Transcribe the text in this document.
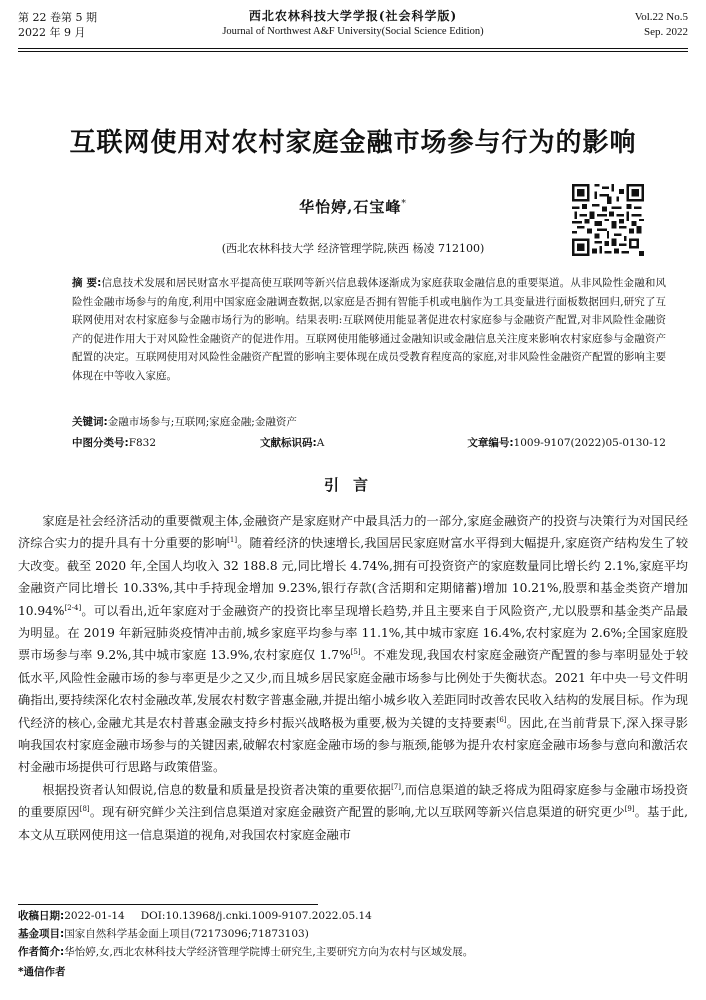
第 22 卷第 5 期
2022 年 9 月
西北农林科技大学学报(社会科学版)
Journal of Northwest A&F University(Social Science Edition)
Vol.22 No.5
Sep. 2022
互联网使用对农村家庭金融市场参与行为的影响
华怡婷,石宝峰*
(西北农林科技大学 经济管理学院,陕西 杨凌 712100)
摘 要:信息技术发展和居民财富水平提高使互联网等新兴信息载体逐渐成为家庭获取金融信息的重要渠道。从非风险性金融和风险性金融市场参与的角度,利用中国家庭金融调查数据,以家庭是否拥有智能手机或电脑作为工具变量进行面板数据回归,研究了互联网使用对农村家庭参与金融市场行为的影响。结果表明:互联网使用能显著促进农村家庭参与金融资产配置,对非风险性金融资产的促进作用大于对风险性金融资产的促进作用。互联网使用能够通过金融知识或金融信息关注度来影响农村家庭参与金融资产配置的决定。互联网使用对风险性金融资产配置的影响主要体现在成员受教育程度高的家庭,对非风险性金融资产配置的影响主要体现在中等收入家庭。
关键词:金融市场参与;互联网;家庭金融;金融资产
中图分类号:F832	文献标识码:A	文章编号:1009-9107(2022)05-0130-12
引言

家庭是社会经济活动的重要微观主体,金融资产是家庭财产中最具活力的一部分,家庭金融资产的投资与决策行为对国民经济综合实力的提升具有十分重要的影响[1]。随着经济的快速增长,我国居民家庭财富水平得到大幅提升,家庭资产结构发生了较大改变。截至 2020 年,全国人均收入 32 188.8 元,同比增长 4.74%,拥有可投资资产的家庭数量同比增长约 2.1%,家庭平均金融资产同比增长 10.33%,其中手持现金增加 9.23%,银行存款(含活期和定期储蓄)增加 10.21%,股票和基金类资产增加 10.94%[2-4]。可以看出,近年家庭对于金融资产的投资比率呈现增长趋势,并且主要来自于风险资产,尤以股票和基金类产品最为明显。在 2019 年新冠肺炎疫情冲击前,城乡家庭平均参与率 11.1%,其中城市家庭 16.4%,农村家庭为 2.6%;全国家庭股票市场参与率 9.2%,其中城市家庭 13.9%,农村家庭仅 1.7%[5]。不难发现,我国农村家庭金融资产配置的参与率明显处于较低水平,风险性金融市场的参与率更是少之又少,而且城乡居民家庭金融市场参与比例处于失衡状态。2021 年中央一号文件明确指出,要持续深化农村金融改革,发展农村数字普惠金融,并提出缩小城乡收入差距同时改善农民收入结构的发展目标。作为现代经济的核心,金融尤其是农村普惠金融支持乡村振兴战略极为重要,极为关键的支持要素[6]。因此,在当前背景下,深入探寻影响我国农村家庭金融市场参与的关键因素,破解农村家庭金融市场的参与瓶颈,能够为提升农村家庭金融市场参与意向和激活农村金融市场提供可行思路与政策借鉴。

根据投资者认知假说,信息的数量和质量是投资者决策的重要依据[7],而信息渠道的缺乏将成为阻碍家庭参与金融市场投资的重要原因[8]。现有研究鲜少关注到信息渠道对家庭金融资产配置的影响,尤以互联网等新兴信息渠道的研究更少[9]。基于此,本文从互联网使用这一信息渠道的视角,对我国农村家庭金融市

收稿日期:2022-01-14 DOI:10.13968/j.cnki.1009-9107.2022.05.14
基金项目:国家自然科学基金面上项目(72173096;71873103)
作者简介:华怡婷,女,西北农林科技大学经济管理学院博士研究生,主要研究方向为农村与区域发展。
*通信作者
